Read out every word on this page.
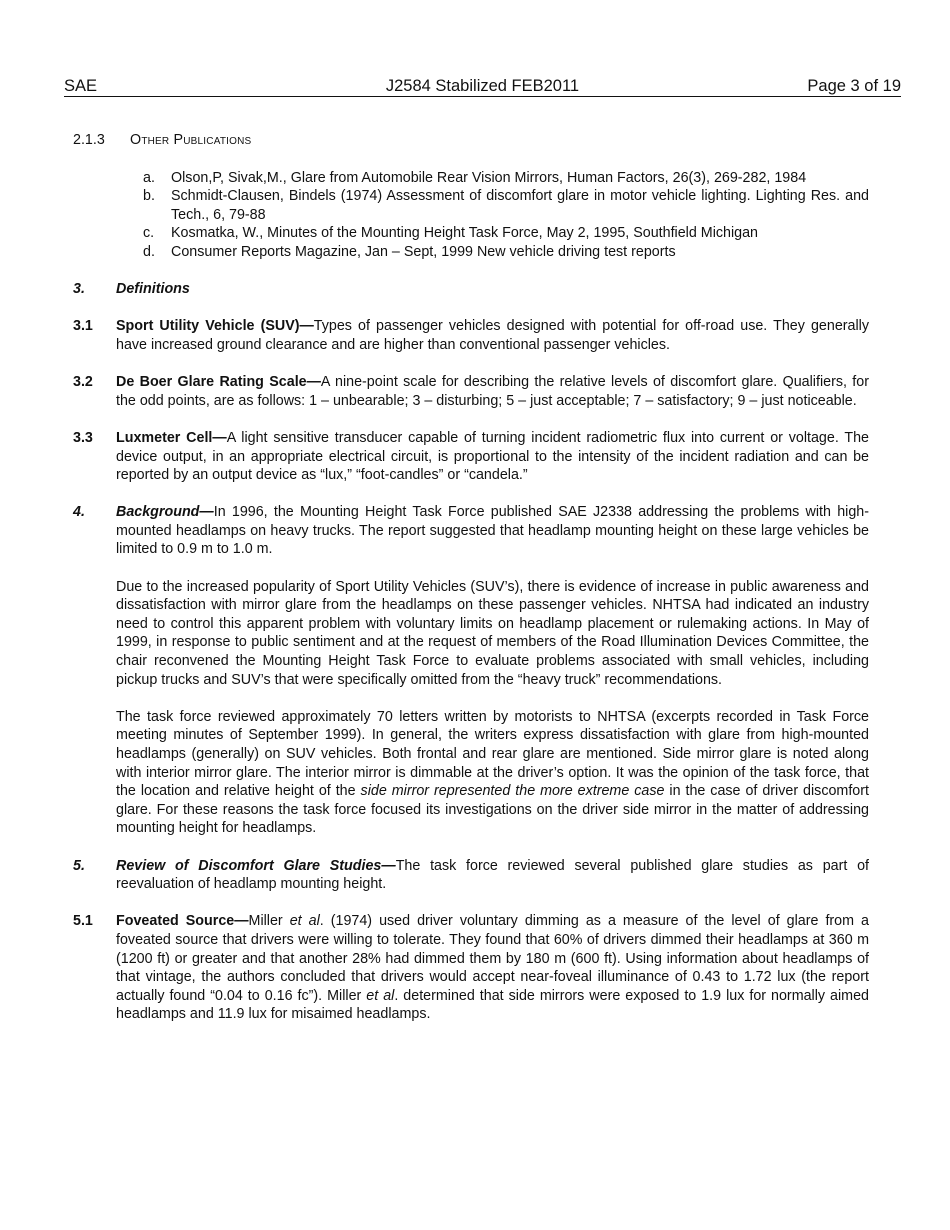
SAE	J2584 Stabilized FEB2011	Page 3 of 19
2.1.3	Other Publications
a.	Olson,P, Sivak,M., Glare from Automobile Rear Vision Mirrors, Human Factors, 26(3), 269-282, 1984
b.	Schmidt-Clausen, Bindels (1974) Assessment of discomfort glare in motor vehicle lighting. Lighting Res. and Tech., 6, 79-88
c.	Kosmatka, W., Minutes of the Mounting Height Task Force, May 2, 1995, Southfield Michigan
d.	Consumer Reports Magazine, Jan – Sept, 1999 New vehicle driving test reports
3.	Definitions
3.1	Sport Utility Vehicle (SUV)—Types of passenger vehicles designed with potential for off-road use. They generally have increased ground clearance and are higher than conventional passenger vehicles.

3.2	De Boer Glare Rating Scale—A nine-point scale for describing the relative levels of discomfort glare. Qualifiers, for the odd points, are as follows: 1 – unbearable; 3 – disturbing; 5 – just acceptable; 7 – satisfactory; 9 – just noticeable.

3.3	Luxmeter Cell—A light sensitive transducer capable of turning incident radiometric flux into current or voltage. The device output, in an appropriate electrical circuit, is proportional to the intensity of the incident radiation and can be reported by an output device as “lux,” “foot-candles” or “candela.”

4.	Background—In 1996, the Mounting Height Task Force published SAE J2338 addressing the problems with high-mounted headlamps on heavy trucks. The report suggested that headlamp mounting height on these large vehicles be limited to 0.9 m to 1.0 m.

Due to the increased popularity of Sport Utility Vehicles (SUV’s), there is evidence of increase in public awareness and dissatisfaction with mirror glare from the headlamps on these passenger vehicles. NHTSA had indicated an industry need to control this apparent problem with voluntary limits on headlamp placement or rulemaking actions. In May of 1999, in response to public sentiment and at the request of members of the Road Illumination Devices Committee, the chair reconvened the Mounting Height Task Force to evaluate problems associated with small vehicles, including pickup trucks and SUV’s that were specifically omitted from the “heavy truck” recommendations.

The task force reviewed approximately 70 letters written by motorists to NHTSA (excerpts recorded in Task Force meeting minutes of September 1999). In general, the writers express dissatisfaction with glare from high-mounted headlamps (generally) on SUV vehicles. Both frontal and rear glare are mentioned. Side mirror glare is noted along with interior mirror glare. The interior mirror is dimmable at the driver’s option. It was the opinion of the task force, that the location and relative height of the side mirror represented the more extreme case in the case of driver discomfort glare. For these reasons the task force focused its investigations on the driver side mirror in the matter of addressing mounting height for headlamps.

5.	Review of Discomfort Glare Studies—The task force reviewed several published glare studies as part of reevaluation of headlamp mounting height.

5.1	Foveated Source—Miller et al. (1974) used driver voluntary dimming as a measure of the level of glare from a foveated source that drivers were willing to tolerate. They found that 60% of drivers dimmed their headlamps at 360 m (1200 ft) or greater and that another 28% had dimmed them by 180 m (600 ft). Using information about headlamps of that vintage, the authors concluded that drivers would accept near-foveal illuminance of 0.43 to 1.72 lux (the report actually found “0.04 to 0.16 fc”). Miller et al. determined that side mirrors were exposed to 1.9 lux for normally aimed headlamps and 11.9 lux for misaimed headlamps.
